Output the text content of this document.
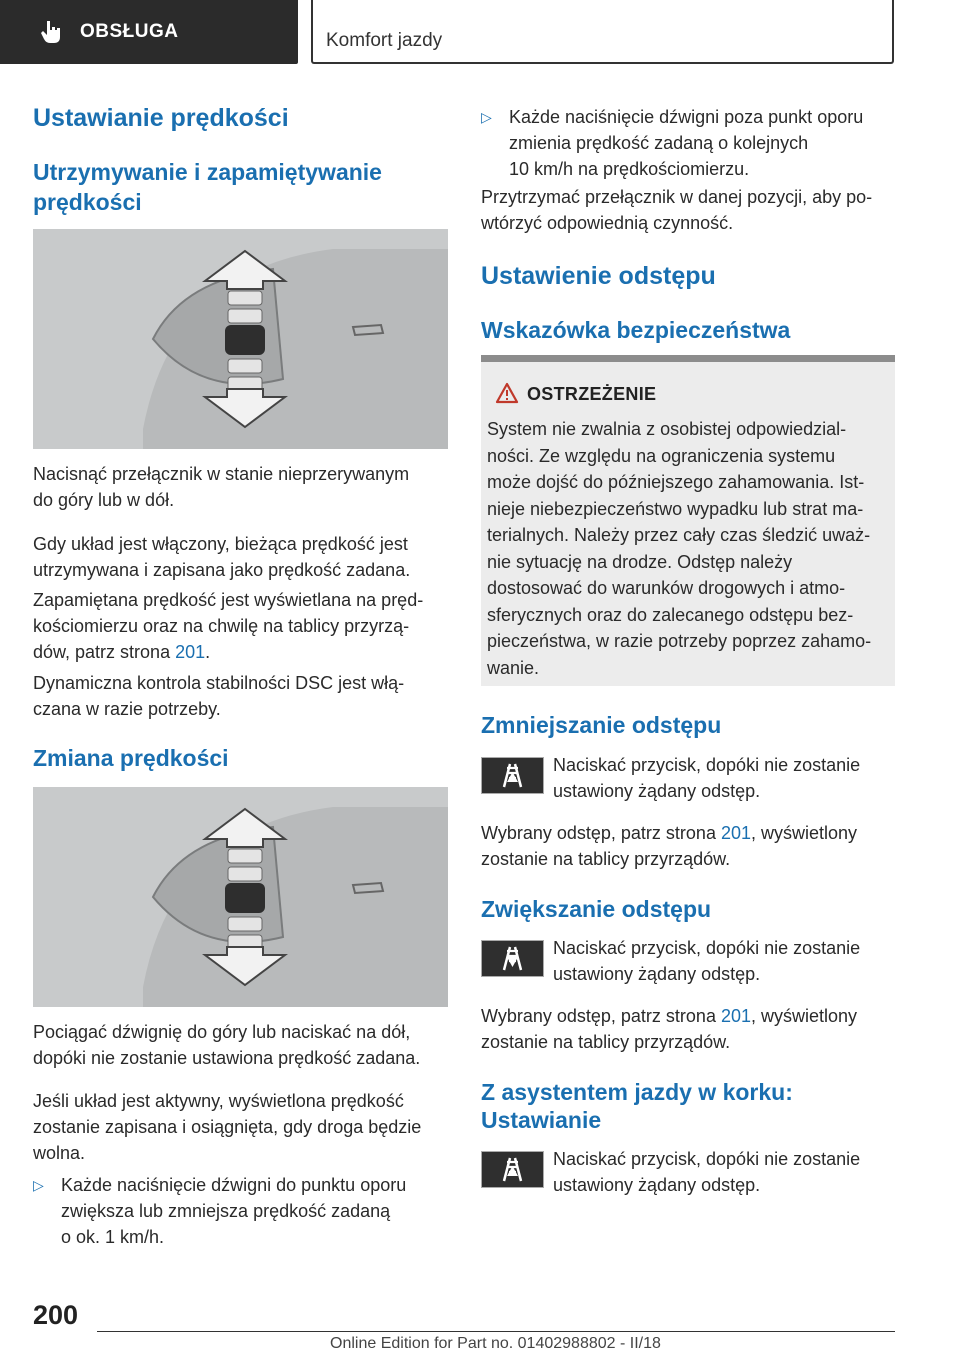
OBSŁUGA	Komfort jazdy
Ustawianie prędkości
Utrzymywanie i zapamiętywanie
prędkości
Nacisnąć przełącznik w stanie nieprzerywanym
do góry lub w dół.
Gdy układ jest włączony, bieżąca prędkość jest
utrzymywana i zapisana jako prędkość zadana.
Zapamiętana prędkość jest wyświetlana na pręd‐
kościomierzu oraz na chwilę na tablicy przyrzą‐
dów, patrz strona 201.
Dynamiczna kontrola stabilności DSC jest włą‐
czana w razie potrzeby.
Zmiana prędkości
Pociągać dźwignię do góry lub naciskać na dół,
dopóki nie zostanie ustawiona prędkość zadana.
Jeśli układ jest aktywny, wyświetlona prędkość
zostanie zapisana i osiągnięta, gdy droga będzie
wolna.
▷ Każde naciśnięcie dźwigni do punktu oporu
zwiększa lub zmniejsza prędkość zadaną
o ok. 1 km/h.
▷ Każde naciśnięcie dźwigni poza punkt oporu
zmienia prędkość zadaną o kolejnych
10 km/h na prędkościomierzu.
Przytrzymać przełącznik w danej pozycji, aby po‐
wtórzyć odpowiednią czynność.
Ustawienie odstępu
Wskazówka bezpieczeństwa
OSTRZEŻENIE
System nie zwalnia z osobistej odpowiedzial‐
ności. Ze względu na ograniczenia systemu
może dojść do późniejszego zahamowania. Ist‐
nieje niebezpieczeństwo wypadku lub strat ma‐
terialnych. Należy przez cały czas śledzić uważ‐
nie sytuację na drodze. Odstęp należy
dostosować do warunków drogowych i atmo‐
sferycznych oraz do zalecanego odstępu bez‐
pieczeństwa, w razie potrzeby poprzez zahamo‐
wanie.
Zmniejszanie odstępu
Naciskać przycisk, dopóki nie zostanie
ustawiony żądany odstęp.
Wybrany odstęp, patrz strona 201, wyświetlony
zostanie na tablicy przyrządów.
Zwiększanie odstępu
Naciskać przycisk, dopóki nie zostanie
ustawiony żądany odstęp.
Wybrany odstęp, patrz strona 201, wyświetlony
zostanie na tablicy przyrządów.
Z asystentem jazdy w korku:
Ustawianie
Naciskać przycisk, dopóki nie zostanie
ustawiony żądany odstęp.
200
Online Edition for Part no. 01402988802 - II/18
